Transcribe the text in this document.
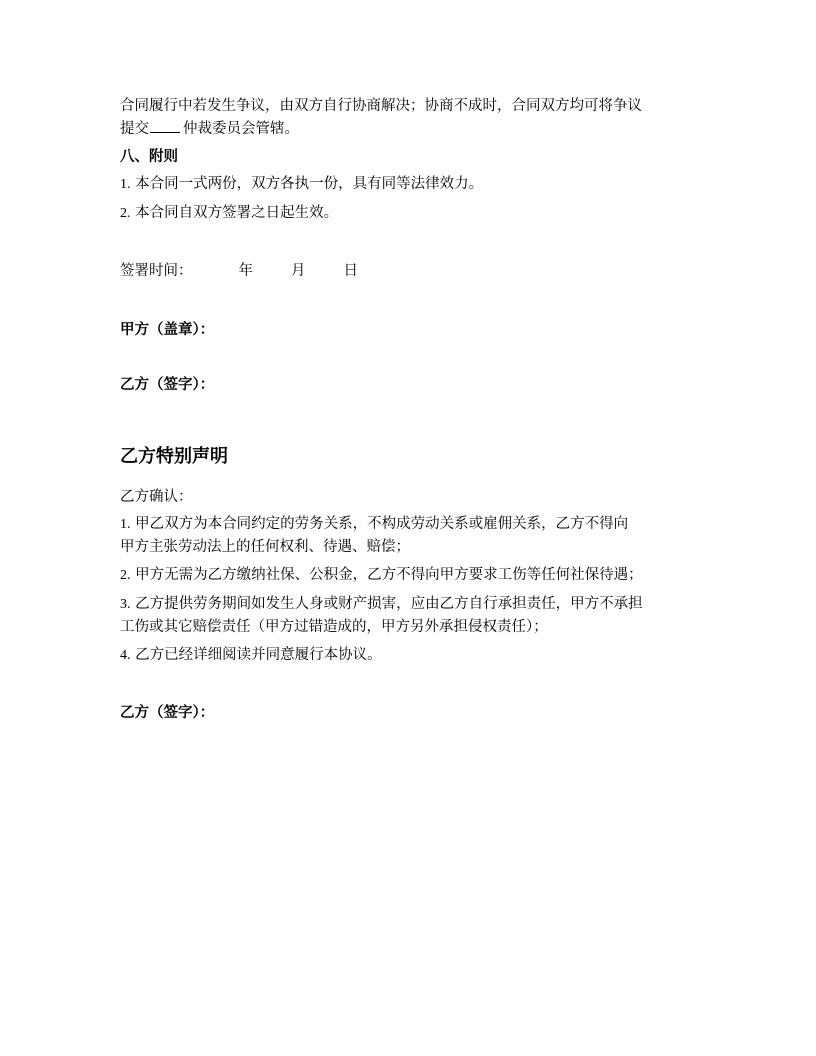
合同履行中若发生争议，由双方自行协商解决；协商不成时，合同双方均可将争议
提交 仲裁委员会管辖。
八、附则
1. 本合同一式两份，双方各执一份，具有同等法律效力。
2. 本合同自双方签署之日起生效。
签署时间：	年	月	日
甲方（盖章）：
乙方（签字）：
乙方特别声明
乙方确认：
1. 甲乙双方为本合同约定的劳务关系，不构成劳动关系或雇佣关系，乙方不得向
甲方主张劳动法上的任何权利、待遇、赔偿；
2. 甲方无需为乙方缴纳社保、公积金，乙方不得向甲方要求工伤等任何社保待遇；
3. 乙方提供劳务期间如发生人身或财产损害，应由乙方自行承担责任，甲方不承担
工伤或其它赔偿责任（甲方过错造成的，甲方另外承担侵权责任）；
4. 乙方已经详细阅读并同意履行本协议。
乙方（签字）：
